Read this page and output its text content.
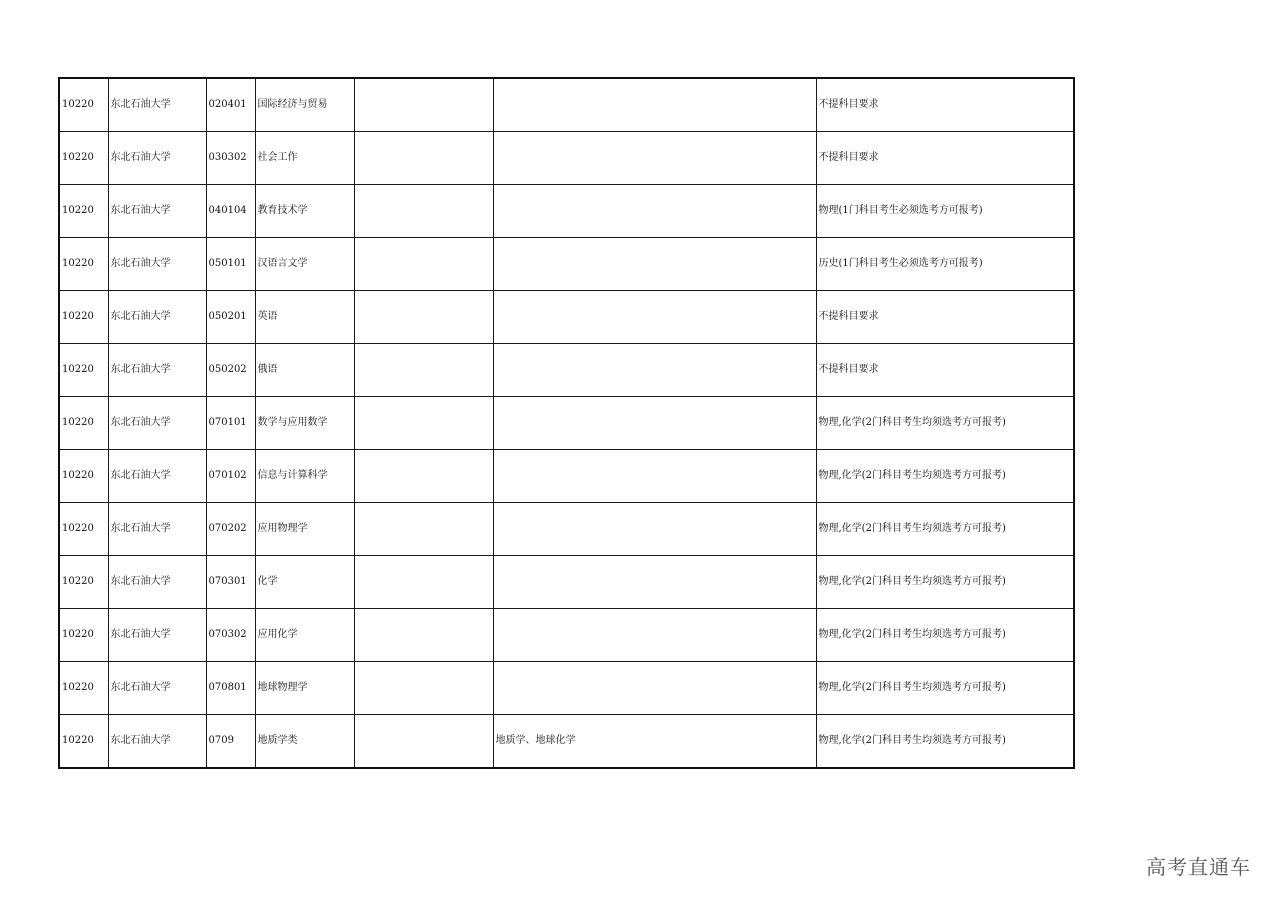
10220	东北石油大学	020401	国际经济与贸易			不提科目要求
10220	东北石油大学	030302	社会工作			不提科目要求
10220	东北石油大学	040104	教育技术学			物理(1门科目考生必须选考方可报考)
10220	东北石油大学	050101	汉语言文学			历史(1门科目考生必须选考方可报考)
10220	东北石油大学	050201	英语			不提科目要求
10220	东北石油大学	050202	俄语			不提科目要求
10220	东北石油大学	070101	数学与应用数学			物理,化学(2门科目考生均须选考方可报考)
10220	东北石油大学	070102	信息与计算科学			物理,化学(2门科目考生均须选考方可报考)
10220	东北石油大学	070202	应用物理学			物理,化学(2门科目考生均须选考方可报考)
10220	东北石油大学	070301	化学			物理,化学(2门科目考生均须选考方可报考)
10220	东北石油大学	070302	应用化学			物理,化学(2门科目考生均须选考方可报考)
10220	东北石油大学	070801	地球物理学			物理,化学(2门科目考生均须选考方可报考)
10220	东北石油大学	0709	地质学类		地质学、地球化学	物理,化学(2门科目考生均须选考方可报考)
高考直通车
